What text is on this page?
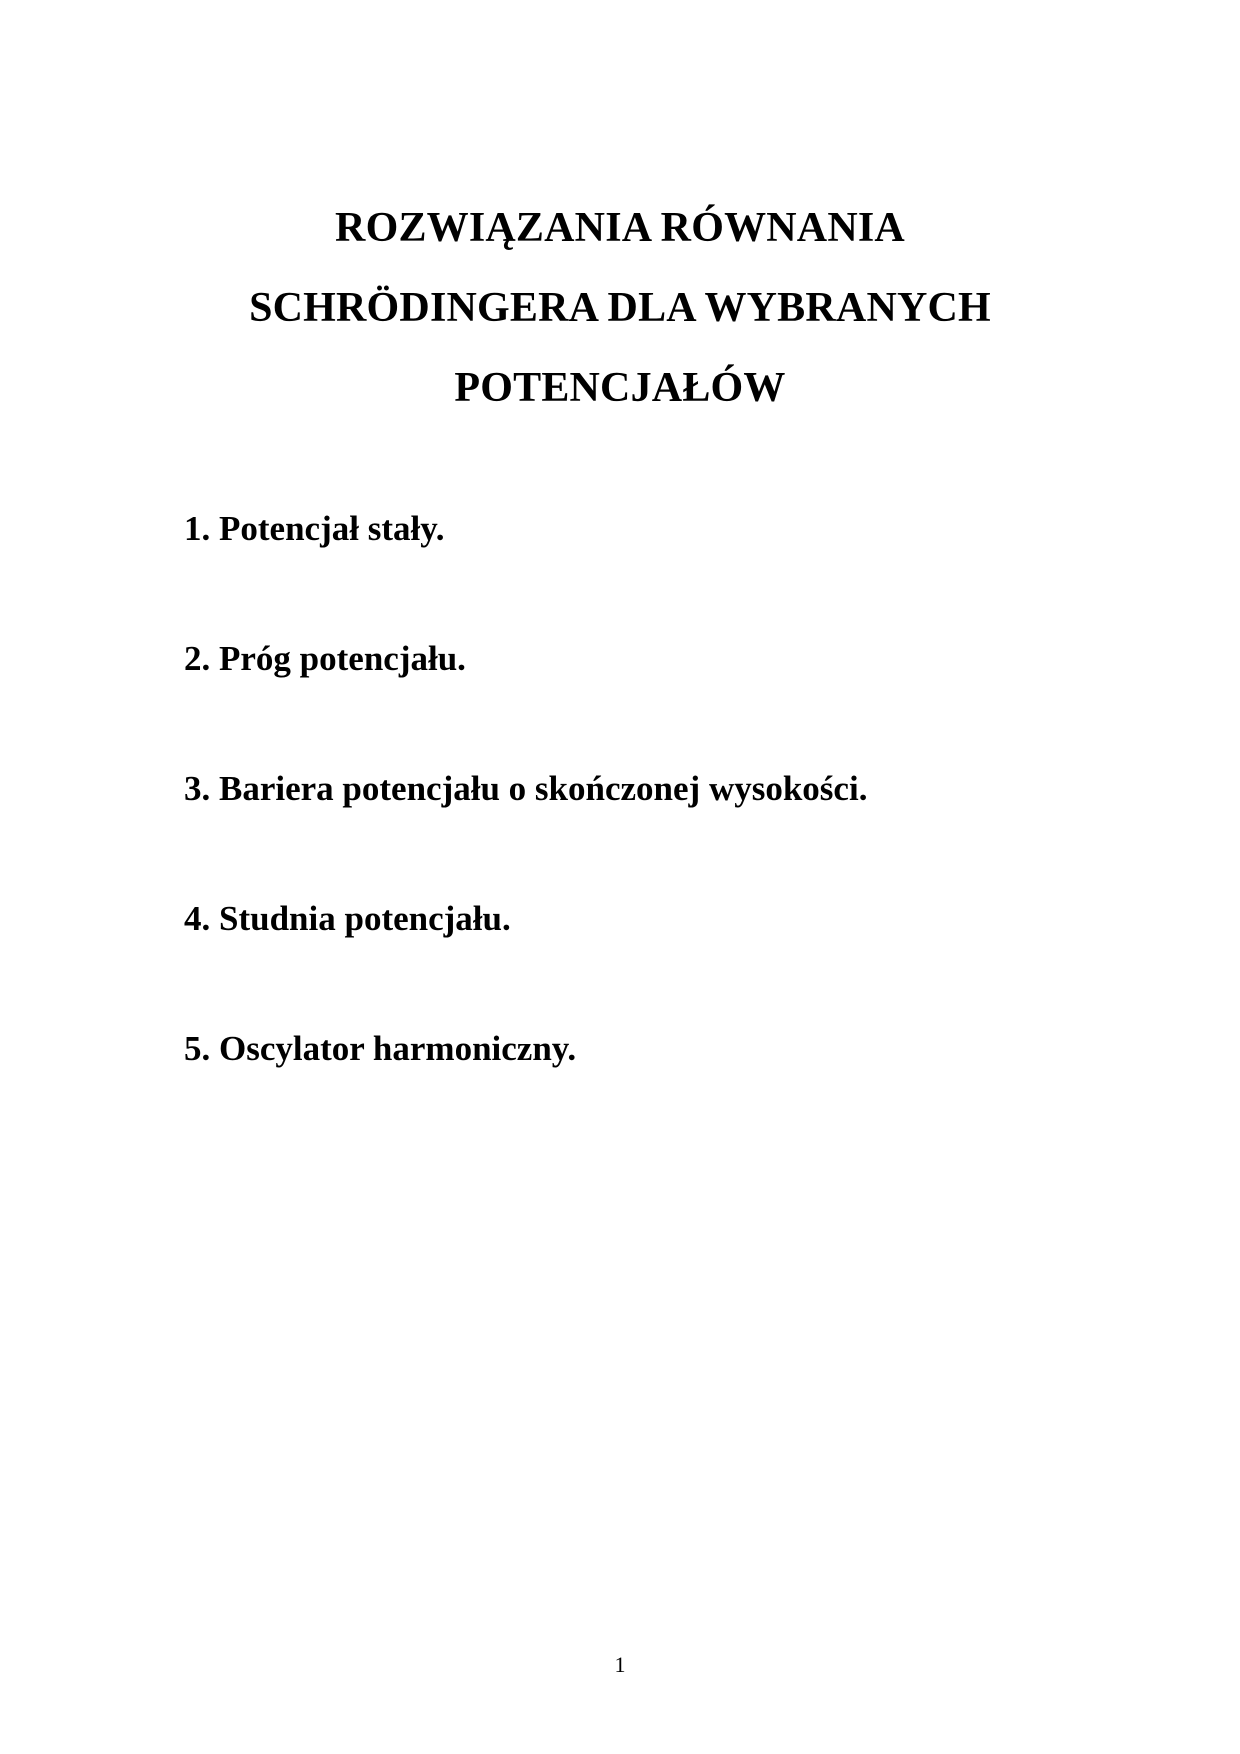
ROZWIĄZANIA RÓWNANIA
SCHRÖDINGERA DLA WYBRANYCH
POTENCJAŁÓW
1. Potencjał stały.
2. Próg potencjału.
3. Bariera potencjału o skończonej wysokości.
4. Studnia potencjału.
5. Oscylator harmoniczny.
1
